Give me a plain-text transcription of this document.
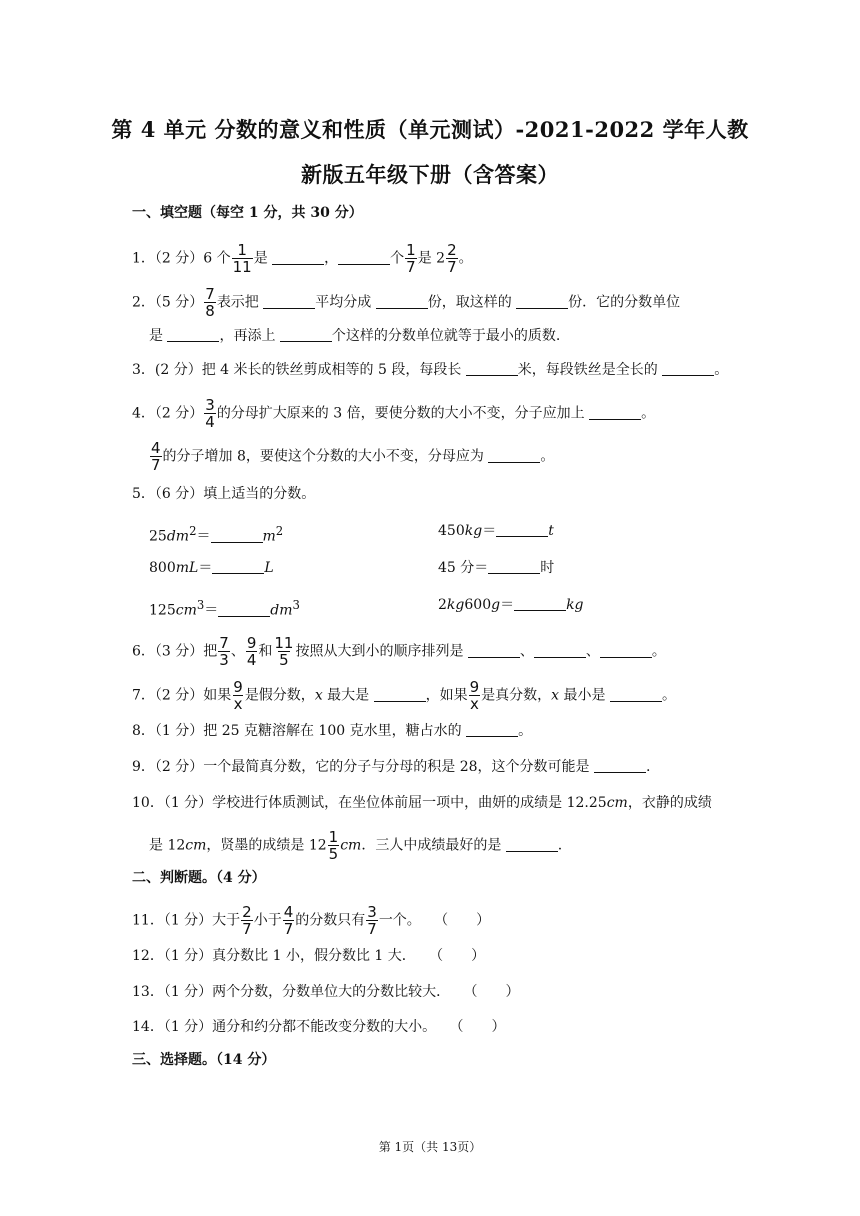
第 4 单元 分数的意义和性质（单元测试）-2021-2022 学年人教
新版五年级下册（含答案）
一、填空题（每空 1 分，共 30 分）
1．（2 分）6 个 $\frac{1}{11}$ 是	，	个 $\frac{1}{7}$ 是 $2 \frac{2}{7}$ 。
2．（5 分） $\frac{7}{8}$ 表示把	平均分成	份，取这样的	份．它的分数单位
是	，再添上	个这样的分数单位就等于最小的质数.
3．(2 分）把 4 米长的铁丝剪成相等的 5 段，每段长	米，每段铁丝是全长的	。
4．（2 分） $\frac{3}{4}$ 的分母扩大原来的 3 倍，要使分数的大小不变，分子应加上	。
$\frac{4}{7}$ 的分子增加 8，要使这个分数的大小不变，分母应为	。
5．（6 分）填上适当的分数。
$25dm^2=$	$m^2$	450kg＝	t
800mL＝	L	45 分＝	时
$125cm^3=$	$dm^3$	2kg600g＝	kg
6．（3 分）把 $\frac{7}{3}$ 、 $\frac{9}{4}$ 和 $\frac{11}{5}$ 按照从大到小的顺序排列是	、	、	。
7．（2 分）如果 $\frac{9}{x}$ 是假分数，x 最大是	，如果 $\frac{9}{x}$ 是真分数，x 最小是	。
8．（1 分）把 25 克糖溶解在 100 克水里，糖占水的	。
9．（2 分）一个最简真分数，它的分子与分母的积是 28，这个分数可能是	.
10．（1 分）学校进行体质测试，在坐位体前屈一项中，曲妍的成绩是 12.25cm，衣静的成绩
是 12cm，贤墨的成绩是 $12 \frac{1}{5}$ cm．三人中成绩最好的是	.
二、判断题。（4 分）
11．（1 分）大于 $\frac{2}{7}$ 小于 $\frac{4}{7}$ 的分数只有 $\frac{3}{7}$ 一个。 （　　）
12．（1 分）真分数比 1 小，假分数比 1 大． （　　）
13．（1 分）两个分数，分数单位大的分数比较大． （　　）
14．（1 分）通分和约分都不能改变分数的大小。 （　　）
三、选择题。（14 分）
第 1页（共 13页）
